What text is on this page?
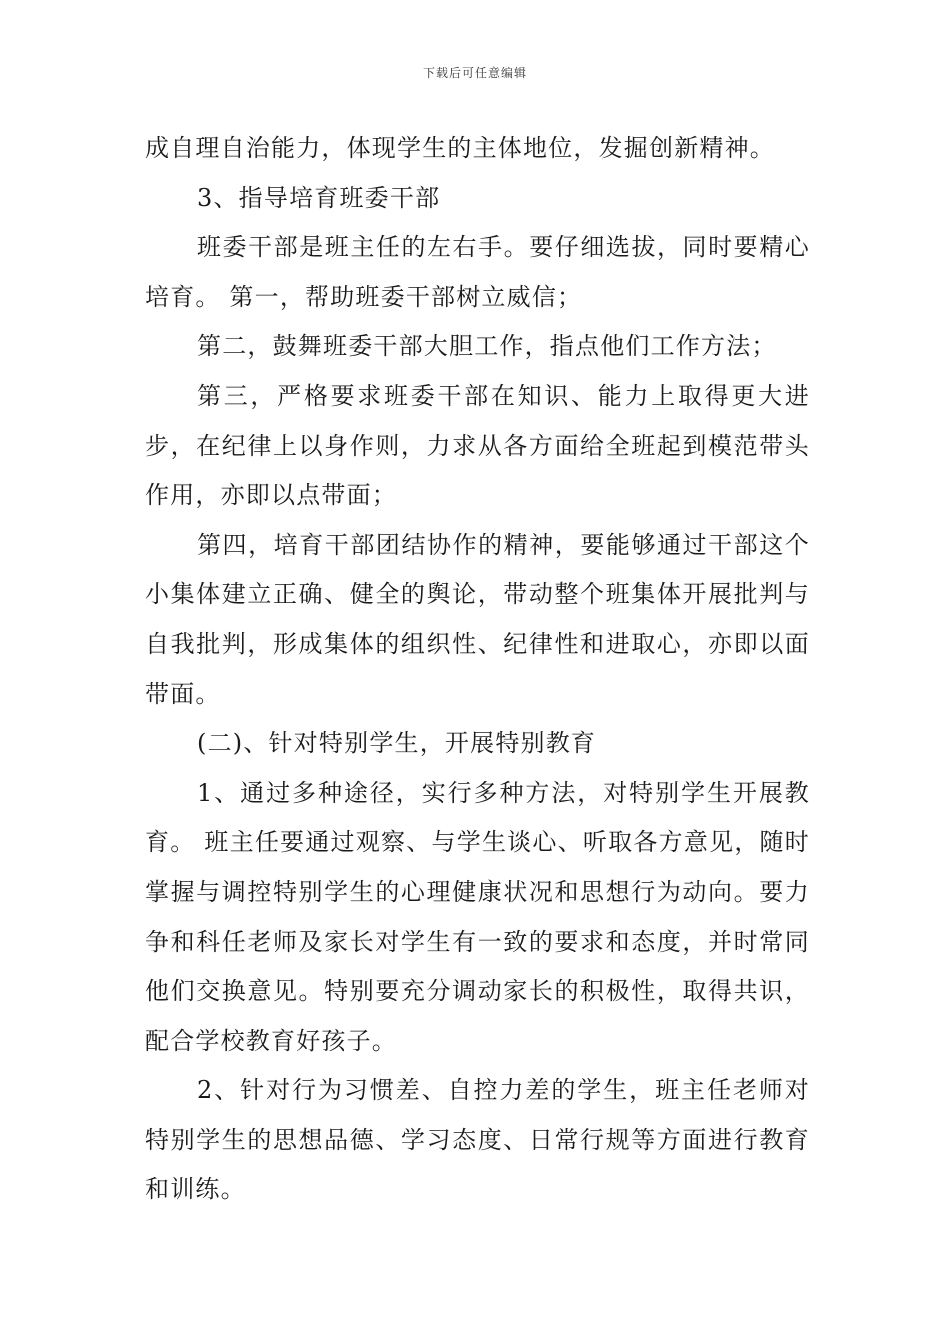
下载后可任意编辑

成自理自治能力，体现学生的主体地位，发掘创新精神。

3、指导培育班委干部

班委干部是班主任的左右手。要仔细选拔，同时要精心培育。 第一，帮助班委干部树立威信；

第二，鼓舞班委干部大胆工作，指点他们工作方法；

第三，严格要求班委干部在知识、能力上取得更大进步，在纪律上以身作则，力求从各方面给全班起到模范带头作用，亦即以点带面；

第四，培育干部团结协作的精神，要能够通过干部这个小集体建立正确、健全的舆论，带动整个班集体开展批判与自我批判，形成集体的组织性、纪律性和进取心，亦即以面带面。

(二)、针对特别学生，开展特别教育

1、通过多种途径，实行多种方法，对特别学生开展教育。 班主任要通过观察、与学生谈心、听取各方意见，随时掌握与调控特别学生的心理健康状况和思想行为动向。要力争和科任老师及家长对学生有一致的要求和态度，并时常同他们交换意见。特别要充分调动家长的积极性，取得共识，配合学校教育好孩子。

2、针对行为习惯差、自控力差的学生，班主任老师对特别学生的思想品德、学习态度、日常行规等方面进行教育和训练。
